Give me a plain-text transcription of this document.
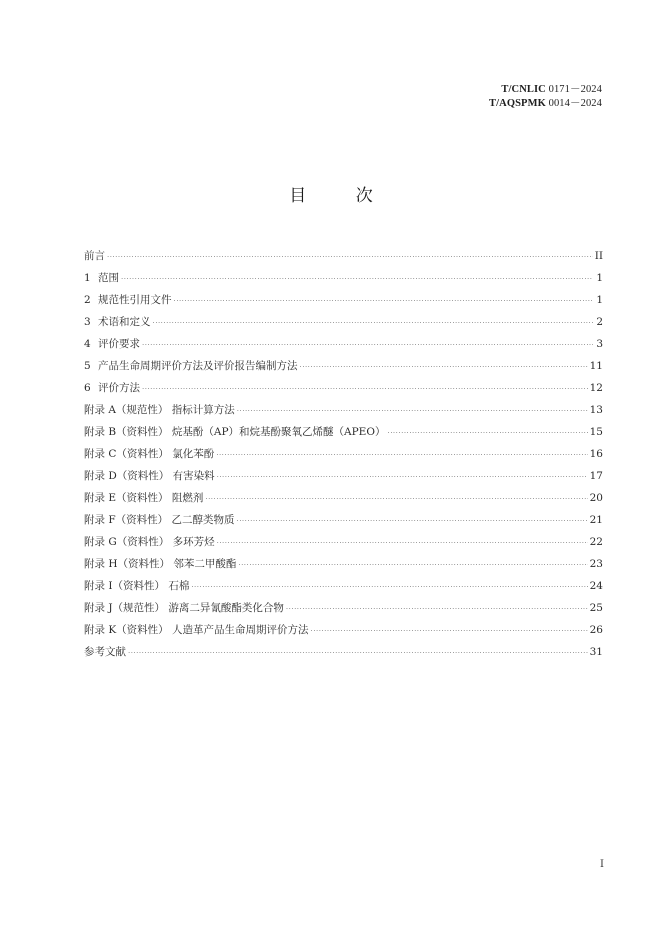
T/CNLIC 0171－2024
T/AQSPMK 0014－2024
目 次
前言 ·····	II
1 范围 ·····	1
2 规范性引用文件 ·····	1
3 术语和定义 ·····	2
4 评价要求 ·····	3
5 产品生命周期评价方法及评价报告编制方法 ·····	11
6 评价方法 ·····	12
附录 A（规范性） 指标计算方法 ·····	13
附录 B（资料性） 烷基酚（AP）和烷基酚聚氧乙烯醚（APEO） ·····	15
附录 C（资料性） 氯化苯酚 ·····	16
附录 D（资料性） 有害染料 ·····	17
附录 E（资料性） 阻燃剂 ·····	20
附录 F（资料性） 乙二醇类物质 ·····	21
附录 G（资料性） 多环芳烃 ·····	22
附录 H（资料性） 邻苯二甲酸酯 ·····	23
附录 I（资料性） 石棉 ·····	24
附录 J（规范性） 游离二异氰酸酯类化合物 ·····	25
附录 K（资料性） 人造革产品生命周期评价方法 ·····	26
参考文献 ·····	31
I
